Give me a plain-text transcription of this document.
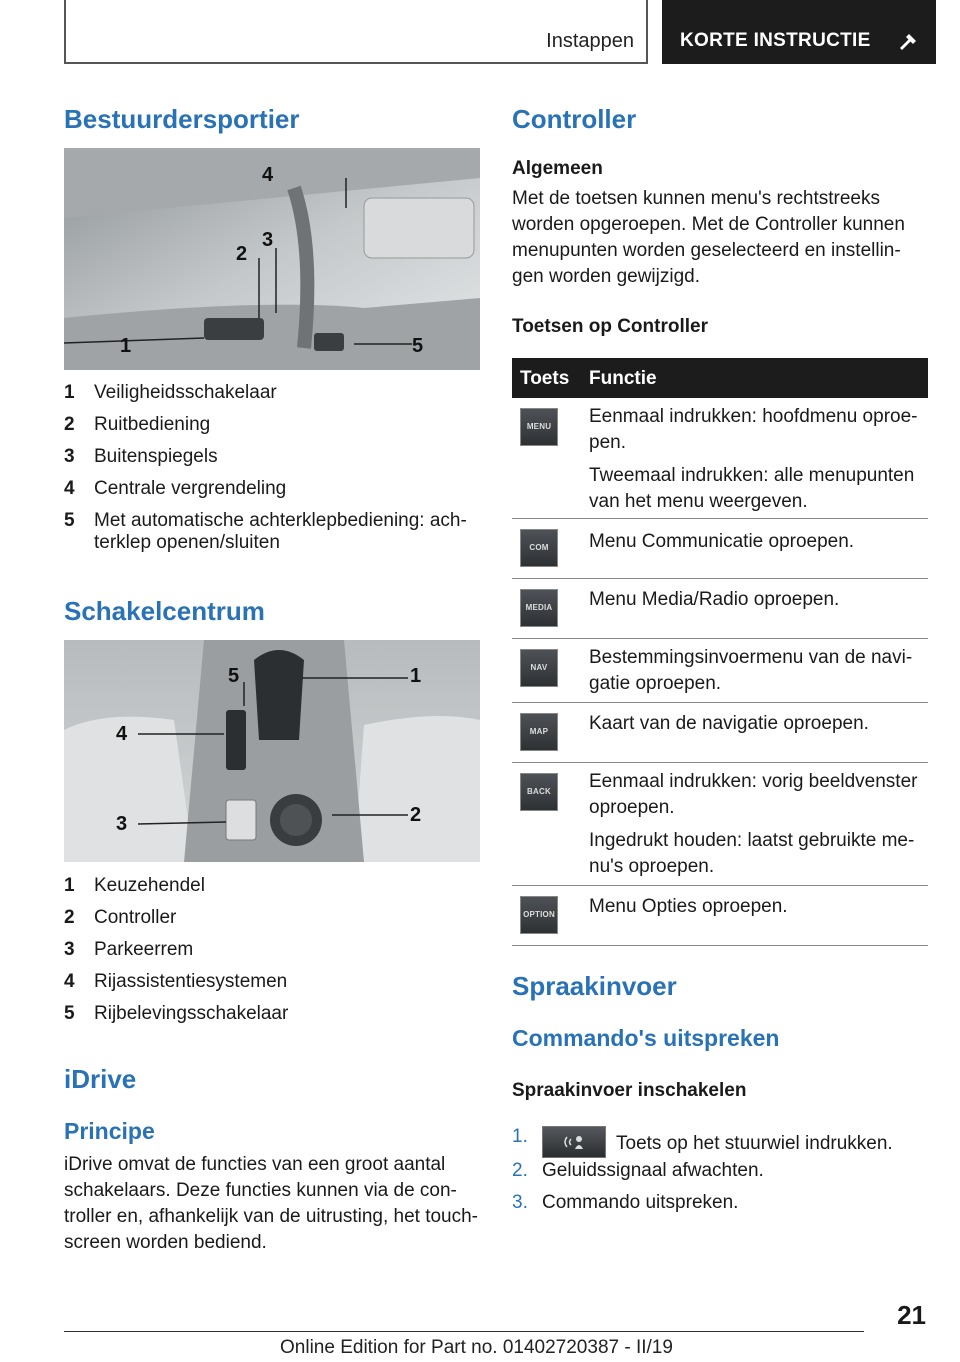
Instappen KORTE INSTRUCTIE
Bestuurdersportier
1
2
3
4
5
1	Veiligheidsschakelaar
2	Ruitbediening
3	Buitenspiegels
4	Centrale vergrendeling
5	Met automatische achterklepbediening: ach‐ terklep openen/sluiten
Schakelcentrum
1
2
3
4
5
1	Keuzehendel
2	Controller
3	Parkeerrem
4	Rijassistentiesystemen
5	Rijbelevingsschakelaar
iDrive
Principe
iDrive omvat de functies van een groot aantal schakelaars. Deze functies kunnen via de con‐ troller en, afhankelijk van de uitrusting, het touch‐ screen worden bediend.
Controller
Algemeen
Met de toetsen kunnen menu's rechtstreeks worden opgeroepen. Met de Controller kunnen menupunten worden geselecteerd en instellin‐ gen worden gewijzigd.
Toetsen op Controller
Toets Functie
MENU	Eenmaal indrukken: hoofdmenu oproe‐ pen.

Tweemaal indrukken: alle menupunten van het menu weergeven.

COM	Menu Communicatie oproepen.

MEDIA Menu Media/Radio oproepen.

NAV	Bestemmingsinvoermenu van de navi‐ gatie oproepen.

MAP	Kaart van de navigatie oproepen.

BACK	Eenmaal indrukken: vorig beeldvenster oproepen.

Ingedrukt houden: laatst gebruikte me‐ nu's oproepen.

OPTION Menu Opties oproepen.

Spraakinvoer
Commando's uitspreken
Spraakinvoer inschakelen
1.	Toets op het stuurwiel indrukken.
2. Geluidssignaal afwachten.
3. Commando uitspreken.
21
Online Edition for Part no. 01402720387 - II/19
